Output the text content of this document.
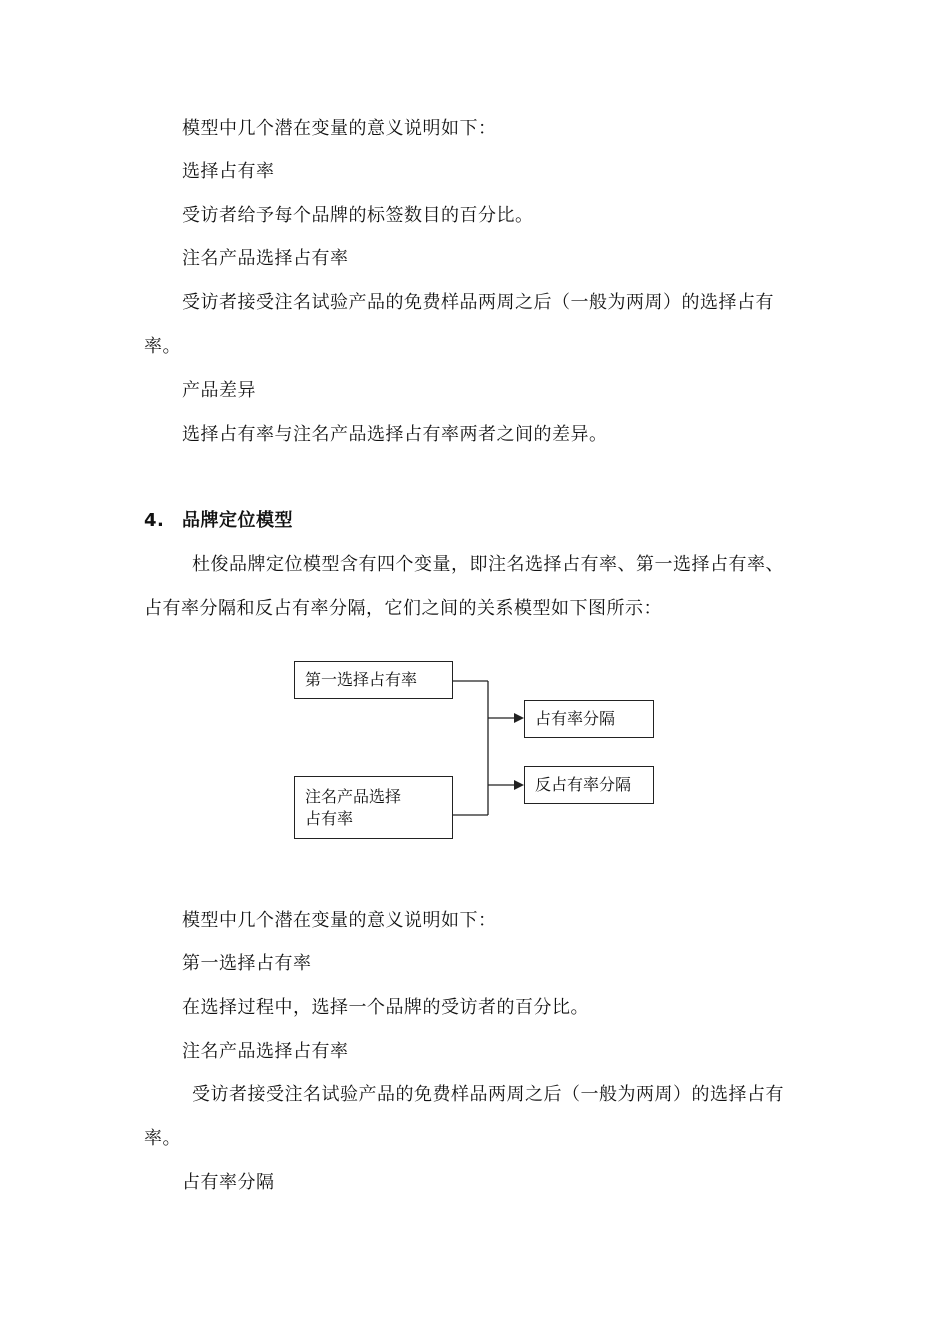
模型中几个潜在变量的意义说明如下：
选择占有率
受访者给予每个品牌的标签数目的百分比。
注名产品选择占有率
受访者接受注名试验产品的免费样品两周之后（一般为两周）的选择占有
率。
产品差异
选择占有率与注名产品选择占有率两者之间的差异。
4. 品牌定位模型
杜俊品牌定位模型含有四个变量，即注名选择占有率、第一选择占有率、
占有率分隔和反占有率分隔，它们之间的关系模型如下图所示：
第一选择占有率
注名产品选择
占有率
占有率分隔
反占有率分隔
模型中几个潜在变量的意义说明如下：
第一选择占有率
在选择过程中，选择一个品牌的受访者的百分比。
注名产品选择占有率
受访者接受注名试验产品的免费样品两周之后（一般为两周）的选择占有
率。
占有率分隔
